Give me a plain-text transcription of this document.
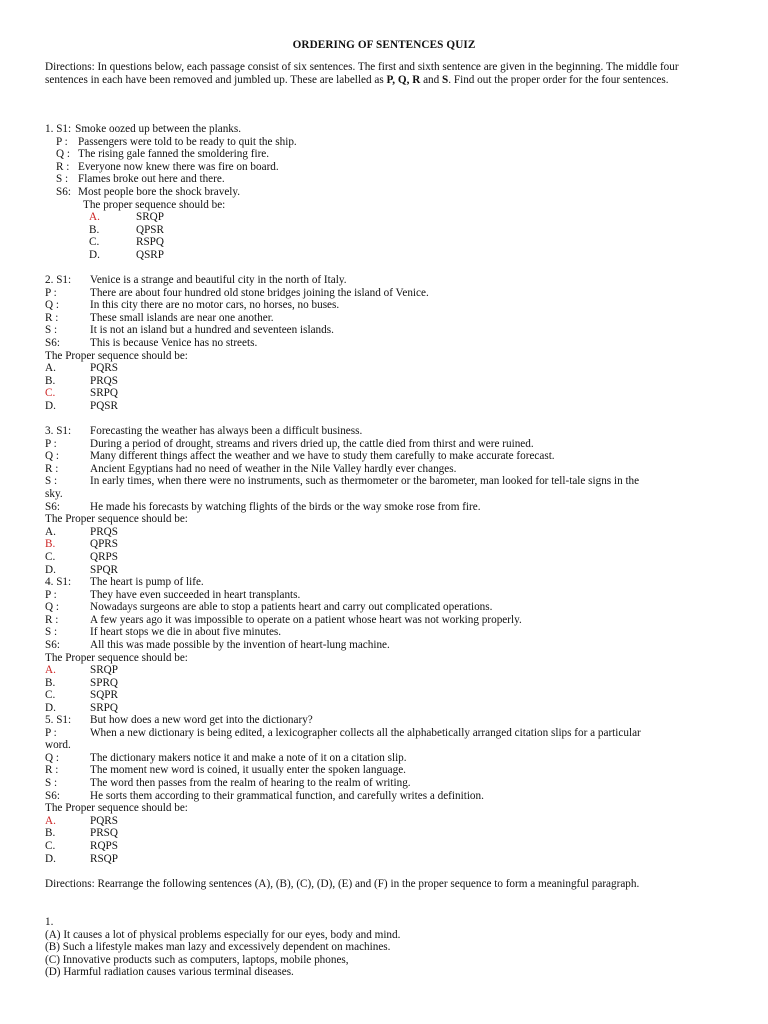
ORDERING OF SENTENCES QUIZ

Directions: In questions below, each passage consist of six sentences. The first and sixth sentence are given in the beginning. The middle four sentences in each have been removed and jumbled up. These are labelled as P, Q, R and S. Find out the proper order for the four sentences.

1. S1: Smoke oozed up between the planks.
P : Passengers were told to be ready to quit the ship.
Q : The rising gale fanned the smoldering fire.
R : Everyone now knew there was fire on board.
S : Flames broke out here and there.
S6: Most people bore the shock bravely.
The proper sequence should be:
A.	SRQP
B.	QPSR
C.	RSPQ
D.	QSRP
2. S1:	Venice is a strange and beautiful city in the north of Italy.
P :	There are about four hundred old stone bridges joining the island of Venice.
Q :	In this city there are no motor cars, no horses, no buses.
R :	These small islands are near one another.
S :	It is not an island but a hundred and seventeen islands.
S6:	This is because Venice has no streets.
The Proper sequence should be:
A.	PQRS
B.	PRQS
C.	SRPQ
D.	PQSR
3. S1:	Forecasting the weather has always been a difficult business.
P :	During a period of drought, streams and rivers dried up, the cattle died from thirst and were ruined.
Q :	Many different things affect the weather and we have to study them carefully to make accurate forecast.
R :	Ancient Egyptians had no need of weather in the Nile Valley hardly ever changes.
S :	In early times, when there were no instruments, such as thermometer or the barometer, man looked for tell-tale signs in the
sky.
S6:	He made his forecasts by watching flights of the birds or the way smoke rose from fire.
The Proper sequence should be:
A.	PRQS
B.	QPRS
C.	QRPS
D.	SPQR
4. S1:	The heart is pump of life.
P :	They have even succeeded in heart transplants.
Q :	Nowadays surgeons are able to stop a patients heart and carry out complicated operations.
R :	A few years ago it was impossible to operate on a patient whose heart was not working properly.
S :	If heart stops we die in about five minutes.
S6:	All this was made possible by the invention of heart-lung machine.
The Proper sequence should be:
A.	SRQP
B.	SPRQ
C.	SQPR
D.	SRPQ
5. S1:	But how does a new word get into the dictionary?
P :	When a new dictionary is being edited, a lexicographer collects all the alphabetically arranged citation slips for a particular
word.
Q :	The dictionary makers notice it and make a note of it on a citation slip.
R :	The moment new word is coined, it usually enter the spoken language.
S :	The word then passes from the realm of hearing to the realm of writing.
S6:	He sorts them according to their grammatical function, and carefully writes a definition.
The Proper sequence should be:
A.	PQRS
B.	PRSQ
C.	RQPS
D.	RSQP
Directions: Rearrange the following sentences (A), (B), (C), (D), (E) and (F) in the proper sequence to form a meaningful paragraph.
1.
(A) It causes a lot of physical problems especially for our eyes, body and mind.
(B) Such a lifestyle makes man lazy and excessively dependent on machines.
(C) Innovative products such as computers, laptops, mobile phones,
(D) Harmful radiation causes various terminal diseases.
